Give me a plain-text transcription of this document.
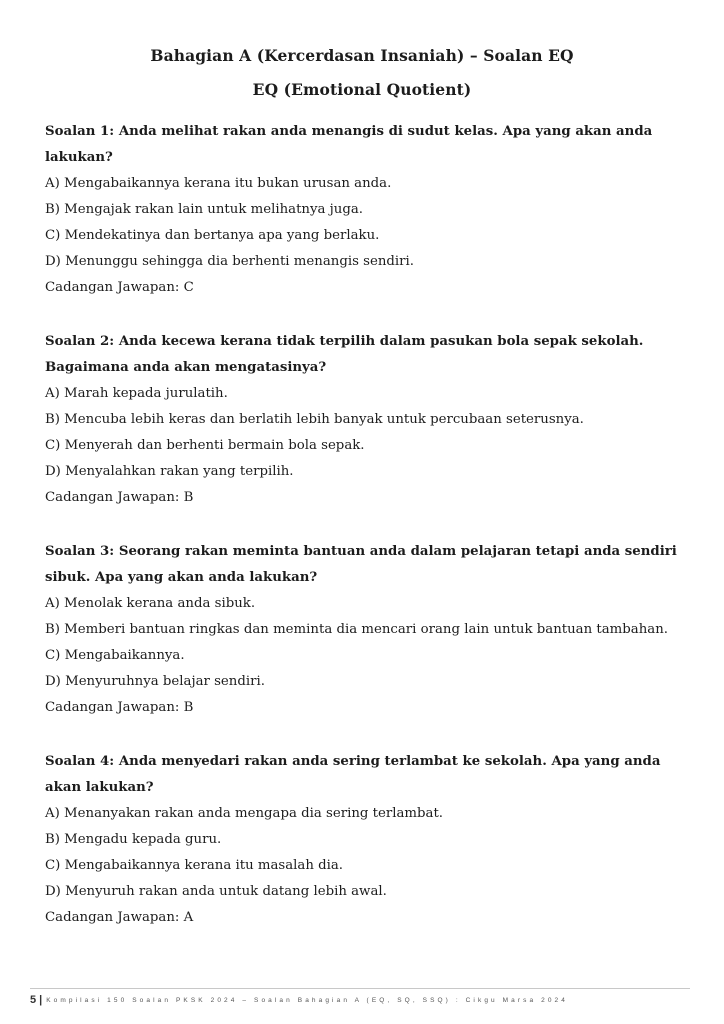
Bahagian A (Kercerdasan Insaniah) – Soalan EQ
EQ (Emotional Quotient)

Soalan 1: Anda melihat rakan anda menangis di sudut kelas. Apa yang akan anda lakukan?

A) Mengabaikannya kerana itu bukan urusan anda.
B) Mengajak rakan lain untuk melihatnya juga.
C) Mendekatinya dan bertanya apa yang berlaku.
D) Menunggu sehingga dia berhenti menangis sendiri.

Cadangan Jawapan: C

Soalan 2: Anda kecewa kerana tidak terpilih dalam pasukan bola sepak sekolah. Bagaimana anda akan mengatasinya?

A) Marah kepada jurulatih.
B) Mencuba lebih keras dan berlatih lebih banyak untuk percubaan seterusnya.
C) Menyerah dan berhenti bermain bola sepak.
D) Menyalahkan rakan yang terpilih.

Cadangan Jawapan: B

Soalan 3: Seorang rakan meminta bantuan anda dalam pelajaran tetapi anda sendiri sibuk. Apa yang akan anda lakukan?

A) Menolak kerana anda sibuk.
B) Memberi bantuan ringkas dan meminta dia mencari orang lain untuk bantuan tambahan.
C) Mengabaikannya.
D) Menyuruhnya belajar sendiri.

Cadangan Jawapan: B

Soalan 4: Anda menyedari rakan anda sering terlambat ke sekolah. Apa yang anda akan lakukan?

A) Menanyakan rakan anda mengapa dia sering terlambat.
B) Mengadu kepada guru.
C) Mengabaikannya kerana itu masalah dia.
D) Menyuruh rakan anda untuk datang lebih awal.

Cadangan Jawapan: A

5 | Kompilasi 150 Soalan PKSK 2024 – Soalan Bahagian A (EQ, SQ, SSQ) : Cikgu Marsa 2024
